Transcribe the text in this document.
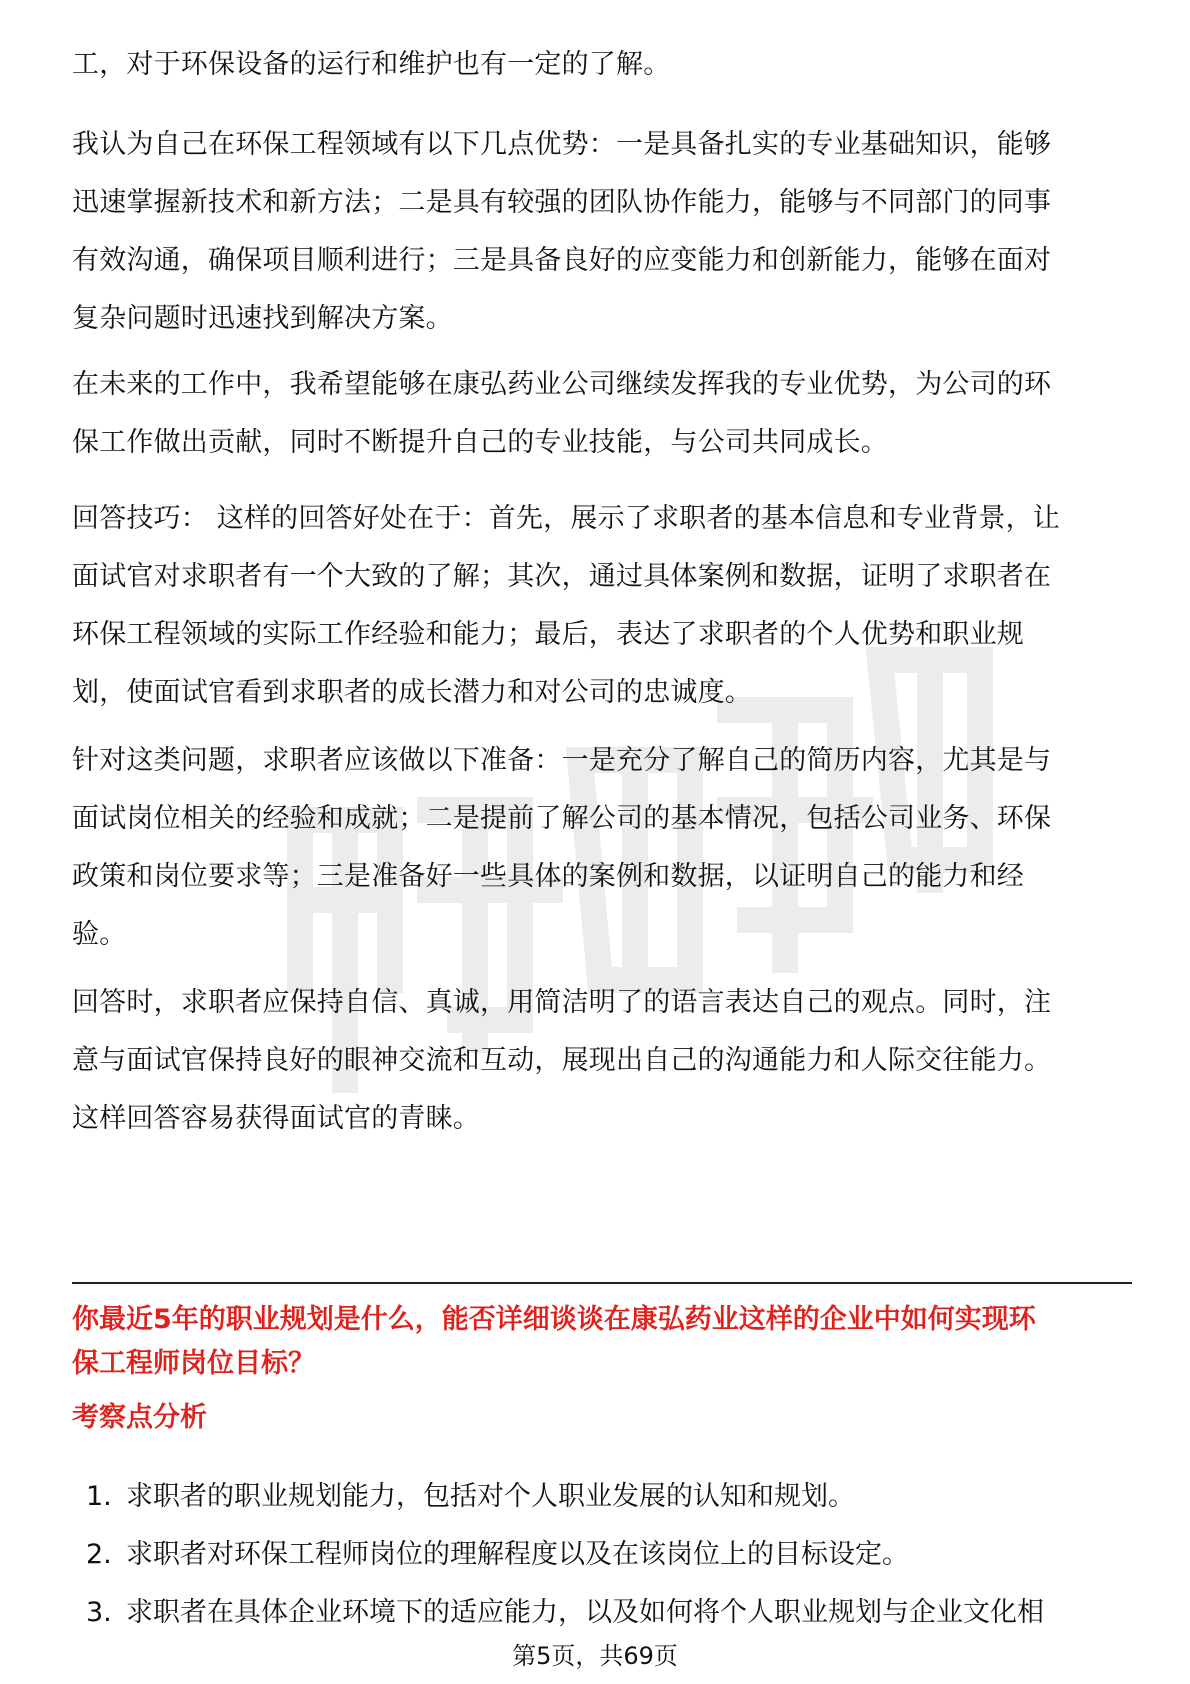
工，对于环保设备的运行和维护也有一定的了解。

我认为自己在环保工程领域有以下几点优势：一是具备扎实的专业基础知识，能够

迅速掌握新技术和新方法；二是具有较强的团队协作能力，能够与不同部门的同事

有效沟通，确保项目顺利进行；三是具备良好的应变能力和创新能力，能够在面对

复杂问题时迅速找到解决方案。

在未来的工作中，我希望能够在康弘药业公司继续发挥我的专业优势，为公司的环

保工作做出贡献，同时不断提升自己的专业技能，与公司共同成长。

回答技巧： 这样的回答好处在于：首先，展示了求职者的基本信息和专业背景，让

面试官对求职者有一个大致的了解；其次，通过具体案例和数据，证明了求职者在

环保工程领域的实际工作经验和能力；最后，表达了求职者的个人优势和职业规

划，使面试官看到求职者的成长潜力和对公司的忠诚度。

针对这类问题，求职者应该做以下准备：一是充分了解自己的简历内容，尤其是与

面试岗位相关的经验和成就；二是提前了解公司的基本情况，包括公司业务、环保

政策和岗位要求等；三是准备好一些具体的案例和数据，以证明自己的能力和经

验。

回答时，求职者应保持自信、真诚，用简洁明了的语言表达自己的观点。同时，注

意与面试官保持良好的眼神交流和互动，展现出自己的沟通能力和人际交往能力。

这样回答容易获得面试官的青睐。

你最近5年的职业规划是什么，能否详细谈谈在康弘药业这样的企业中如何实现环
保工程师岗位目标？
考察点分析
1. 求职者的职业规划能力，包括对个人职业发展的认知和规划。
2. 求职者对环保工程师岗位的理解程度以及在该岗位上的目标设定。
3. 求职者在具体企业环境下的适应能力，以及如何将个人职业规划与企业文化相
第5页，共69页
